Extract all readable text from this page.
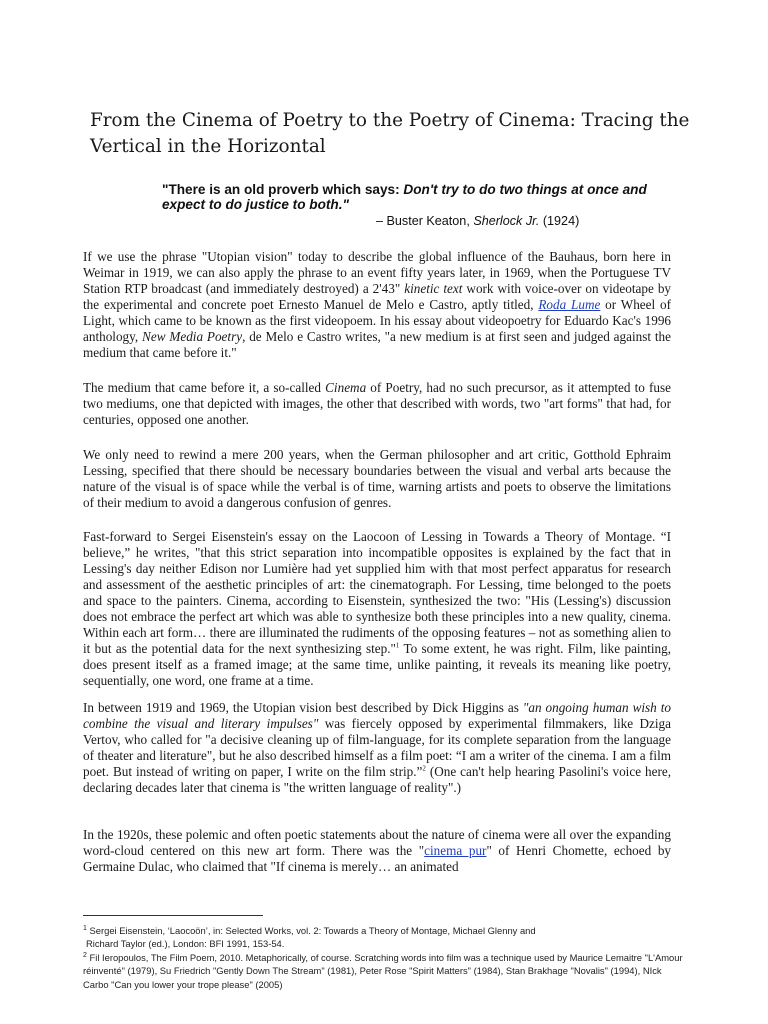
From the Cinema of Poetry to the Poetry of Cinema: Tracing the Vertical in the Horizontal
"There is an old proverb which says: Don't try to do two things at once and expect to do justice to both."
– Buster Keaton, Sherlock Jr. (1924)
If we use the phrase "Utopian vision" today to describe the global influence of the Bauhaus, born here in Weimar in 1919, we can also apply the phrase to an event fifty years later, in 1969, when the Portuguese TV Station RTP broadcast (and immediately destroyed) a 2'43" kinetic text work with voice-over on videotape by the experimental and concrete poet Ernesto Manuel de Melo e Castro, aptly titled, Roda Lume or Wheel of Light, which came to be known as the first videopoem. In his essay about videopoetry for Eduardo Kac's 1996 anthology, New Media Poetry, de Melo e Castro writes, "a new medium is at first seen and judged against the medium that came before it."
The medium that came before it, a so-called Cinema of Poetry, had no such precursor, as it attempted to fuse two mediums, one that depicted with images, the other that described with words, two "art forms" that had, for centuries, opposed one another.
We only need to rewind a mere 200 years, when the German philosopher and art critic, Gotthold Ephraim Lessing, specified that there should be necessary boundaries between the visual and verbal arts because the nature of the visual is of space while the verbal is of time, warning artists and poets to observe the limitations of their medium to avoid a dangerous confusion of genres.
Fast-forward to Sergei Eisenstein's essay on the Laocoon of Lessing in Towards a Theory of Montage. “I believe,” he writes, "that this strict separation into incompatible opposites is explained by the fact that in Lessing's day neither Edison nor Lumière had yet supplied him with that most perfect apparatus for research and assessment of the aesthetic principles of art: the cinematograph. For Lessing, time belonged to the poets and space to the painters. Cinema, according to Eisenstein, synthesized the two: "His (Lessing's) discussion does not embrace the perfect art which was able to synthesize both these principles into a new quality, cinema. Within each art form… there are illuminated the rudiments of the opposing features – not as something alien to it but as the potential data for the next synthesizing step."$^1$ To some extent, he was right. Film, like painting, does present itself as a framed image; at the same time, unlike painting, it reveals its meaning like poetry, sequentially, one word, one frame at a time.
In between 1919 and 1969, the Utopian vision best described by Dick Higgins as "an ongoing human wish to combine the visual and literary impulses" was fiercely opposed by experimental filmmakers, like Dziga Vertov, who called for "a decisive cleaning up of film-language, for its complete separation from the language of theater and literature", but he also described himself as a film poet: “I am a writer of the cinema. I am a film poet. But instead of writing on paper, I write on the film strip.”$^2$ (One can't help hearing Pasolini's voice here, declaring decades later that cinema is "the written language of reality".)
In the 1920s, these polemic and often poetic statements about the nature of cinema were all over the expanding word-cloud centered on this new art form. There was the "cinema pur" of Henri Chomette, echoed by Germaine Dulac, who claimed that "If cinema is merely… an animated

$^1$ Sergei Eisenstein, ‘Laocoön’, in: Selected Works, vol. 2: Towards a Theory of Montage, Michael Glenny and

Richard Taylor (ed.), London: BFI 1991, 153-54.

$^2$ Fil Ieropoulos, The Film Poem, 2010. Metaphorically, of course. Scratching words into film was a technique used by Maurice Lemaitre "L'Amour réinventé" (1979), Su Friedrich "Gently Down The Stream" (1981), Peter Rose "Spirit Matters" (1984), Stan Brakhage "Novalis" (1994), NIck Carbo "Can you lower your trope please" (2005)
